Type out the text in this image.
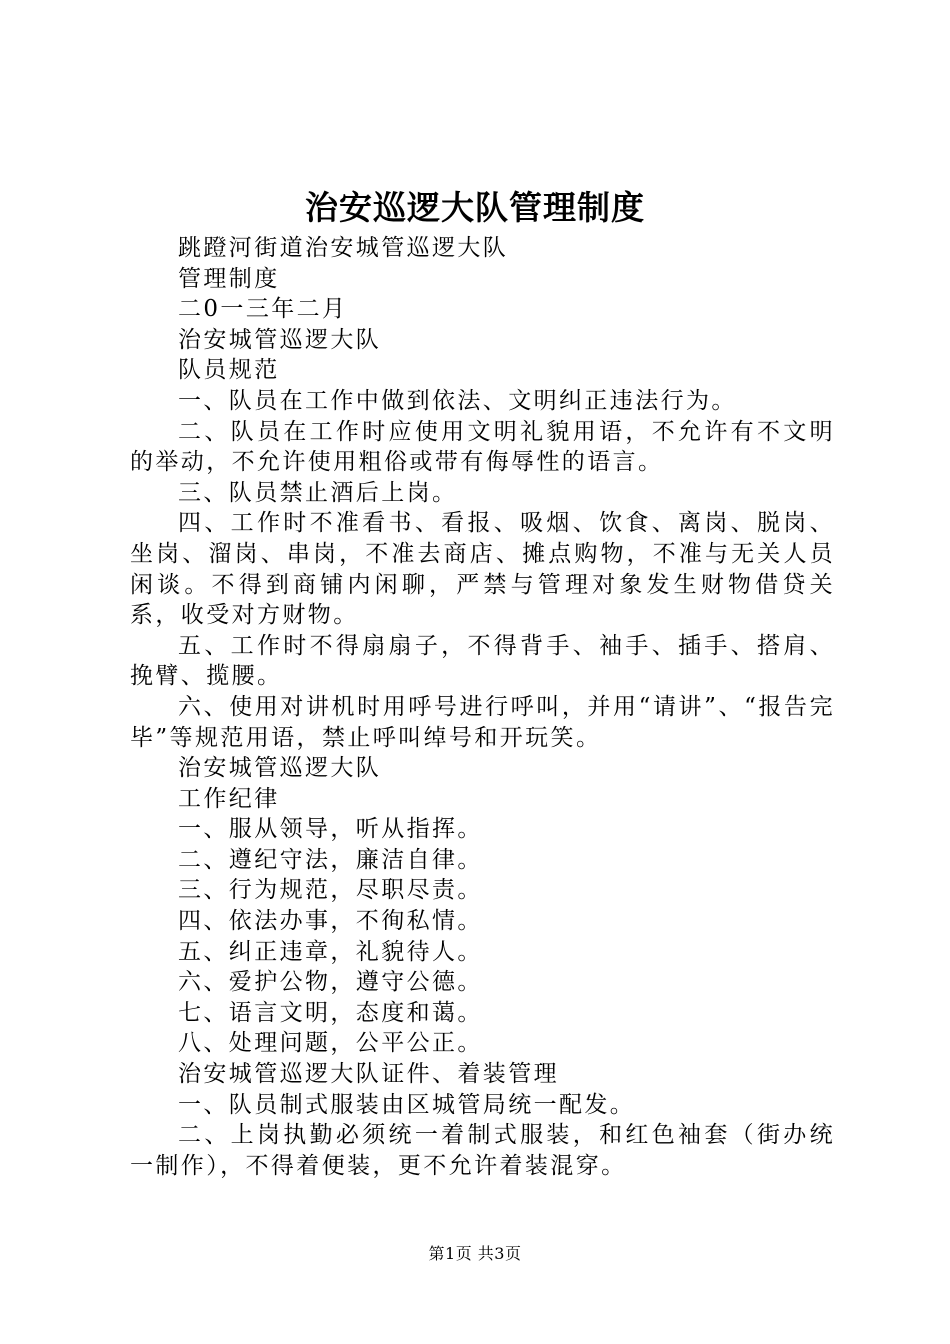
治安巡逻大队管理制度

跳蹬河街道治安城管巡逻大队

管理制度

二0一三年二月

治安城管巡逻大队

队员规范

一、队员在工作中做到依法、文明纠正违法行为。

二、队员在工作时应使用文明礼貌用语，不允许有不文明的举动，不允许使用粗俗或带有侮辱性的语言。

三、队员禁止酒后上岗。

四、工作时不准看书、看报、吸烟、饮食、离岗、脱岗、坐岗、溜岗、串岗，不准去商店、摊点购物，不准与无关人员闲谈。不得到商铺内闲聊，严禁与管理对象发生财物借贷关系，收受对方财物。

五、工作时不得扇扇子，不得背手、袖手、插手、搭肩、挽臂、揽腰。

六、使用对讲机时用呼号进行呼叫，并用“请讲”、“报告完毕”等规范用语，禁止呼叫绰号和开玩笑。

治安城管巡逻大队

工作纪律

一、服从领导，听从指挥。

二、遵纪守法，廉洁自律。

三、行为规范，尽职尽责。

四、依法办事，不徇私情。

五、纠正违章，礼貌待人。

六、爱护公物，遵守公德。

七、语言文明，态度和蔼。

八、处理问题，公平公正。

治安城管巡逻大队证件、着装管理

一、队员制式服装由区城管局统一配发。

二、上岗执勤必须统一着制式服装，和红色袖套（街办统一制作），不得着便装，更不允许着装混穿。

第1页 共3页
